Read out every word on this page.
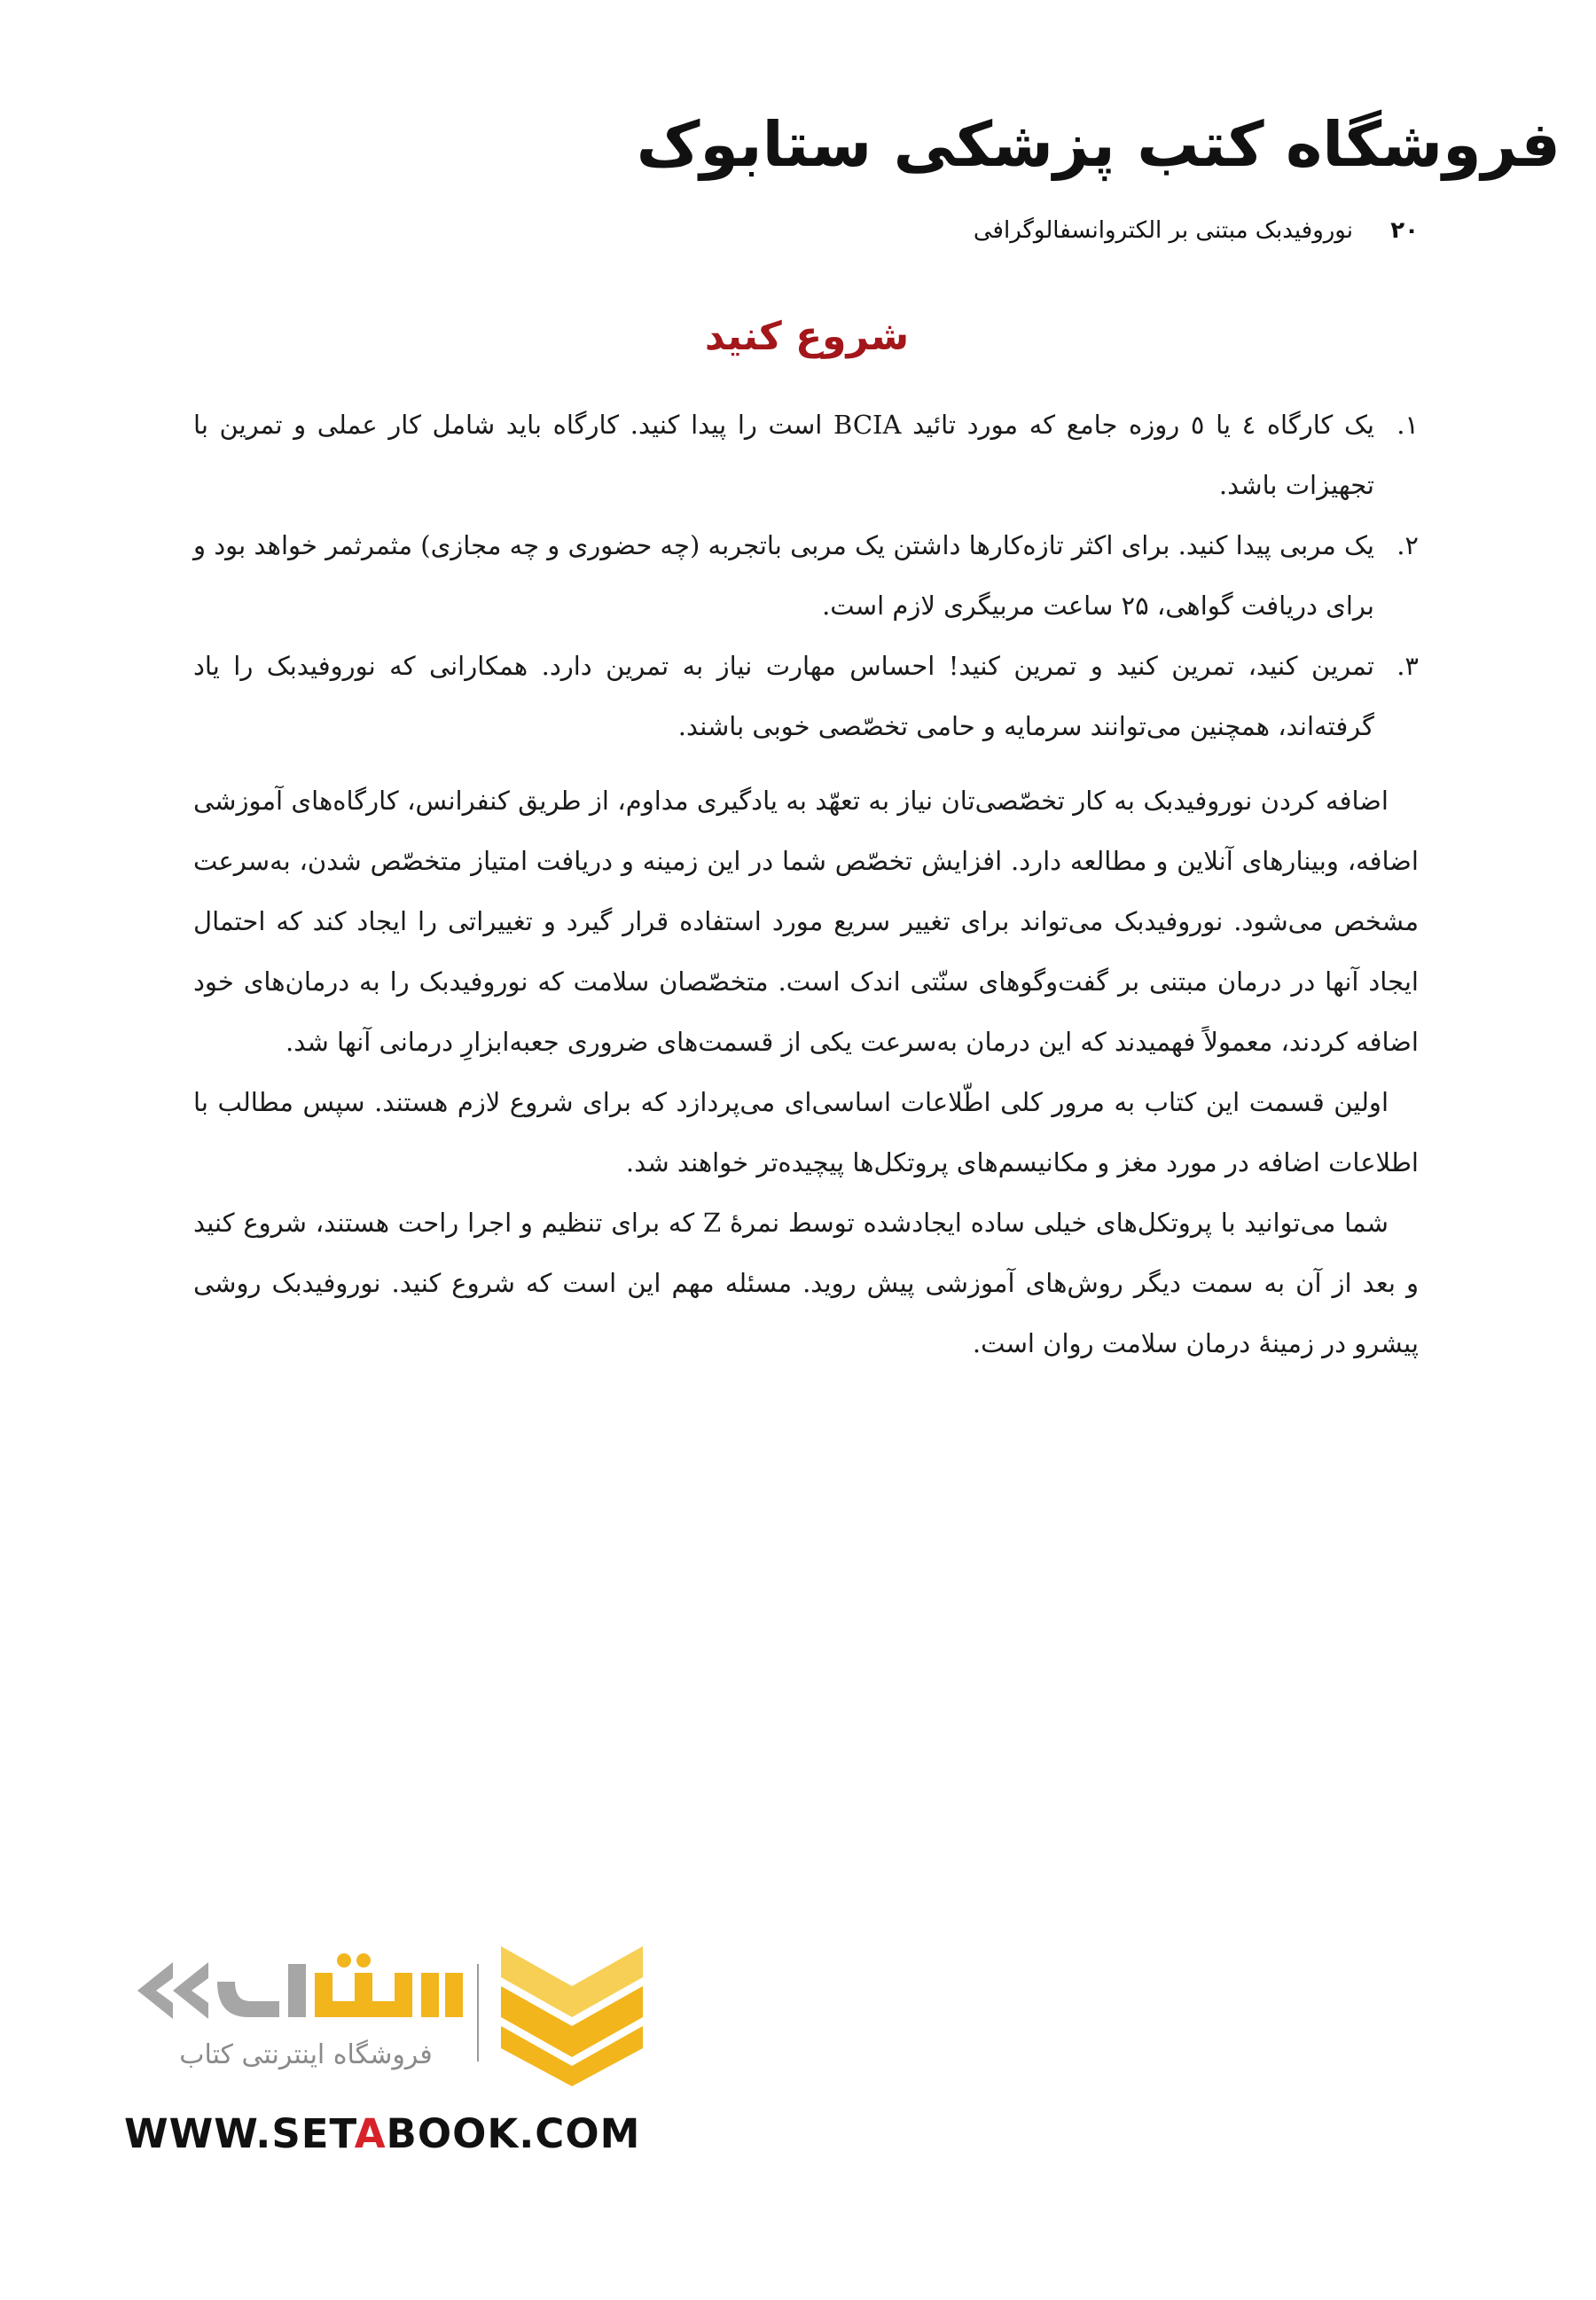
فروشگاه کتب پزشکی ستابوک
۲۰ نوروفیدبک مبتنی بر الکتروانسفالوگرافی
شروع کنید
۱.
یک کارگاه ٤ یا ٥ روزه جامع که مورد تائید BCIA است را پیدا کنید. کارگاه باید شامل کار عملی و تمرین با تجهیزات باشد.
۲.
یک مربی پیدا کنید. برای اکثر تازه‌کارها داشتن یک مربی باتجربه (چه حضوری و چه مجازی) مثمرثمر خواهد بود و برای دریافت گواهی، ۲۵ ساعت مربیگری لازم است.
۳.
تمرین کنید، تمرین کنید و تمرین کنید! احساس مهارت نیاز به تمرین دارد. همکارانی که نوروفیدبک را یاد گرفته‌اند، همچنین می‌توانند سرمایه و حامی تخصّصی خوبی باشند.

اضافه کردن نوروفیدبک به کار تخصّصی‌تان نیاز به تعهّد به یادگیری مداوم، از طریق کنفرانس، کارگاه‌های آموزشی اضافه، وبینارهای آنلاین و مطالعه دارد. افزایش تخصّص شما در این زمینه و دریافت امتیاز متخصّص شدن، به‌سرعت مشخص می‌شود. نوروفیدبک می‌تواند برای تغییر سریع مورد استفاده قرار گیرد و تغییراتی را ایجاد کند که احتمال ایجاد آنها در درمان مبتنی بر گفت‌وگوهای سنّتی اندک است. متخصّصان سلامت که نوروفیدبک را به درمان‌های خود اضافه کردند، معمولاً فهمیدند که این درمان به‌سرعت یکی از قسمت‌های ضروری جعبه‌ابزارِ درمانی آنها شد.

اولین قسمت این کتاب به مرور کلی اطّلاعات اساسی‌ای می‌پردازد که برای شروع لازم هستند. سپس مطالب با اطلاعات اضافه در مورد مغز و مکانیسم‌های پروتکل‌ها پیچیده‌تر خواهند شد.

شما می‌توانید با پروتکل‌های خیلی ساده ایجادشده توسط نمرهٔ Z که برای تنظیم و اجرا راحت هستند، شروع کنید و بعد از آن به سمت دیگر روش‌های آموزشی پیش روید. مسئله مهم این است که شروع کنید. نوروفیدبک روشی پیشرو در زمینهٔ درمان سلامت روان است.

فروشگاه اینترنتی کتاب
WWW.SETABOOK.COM
